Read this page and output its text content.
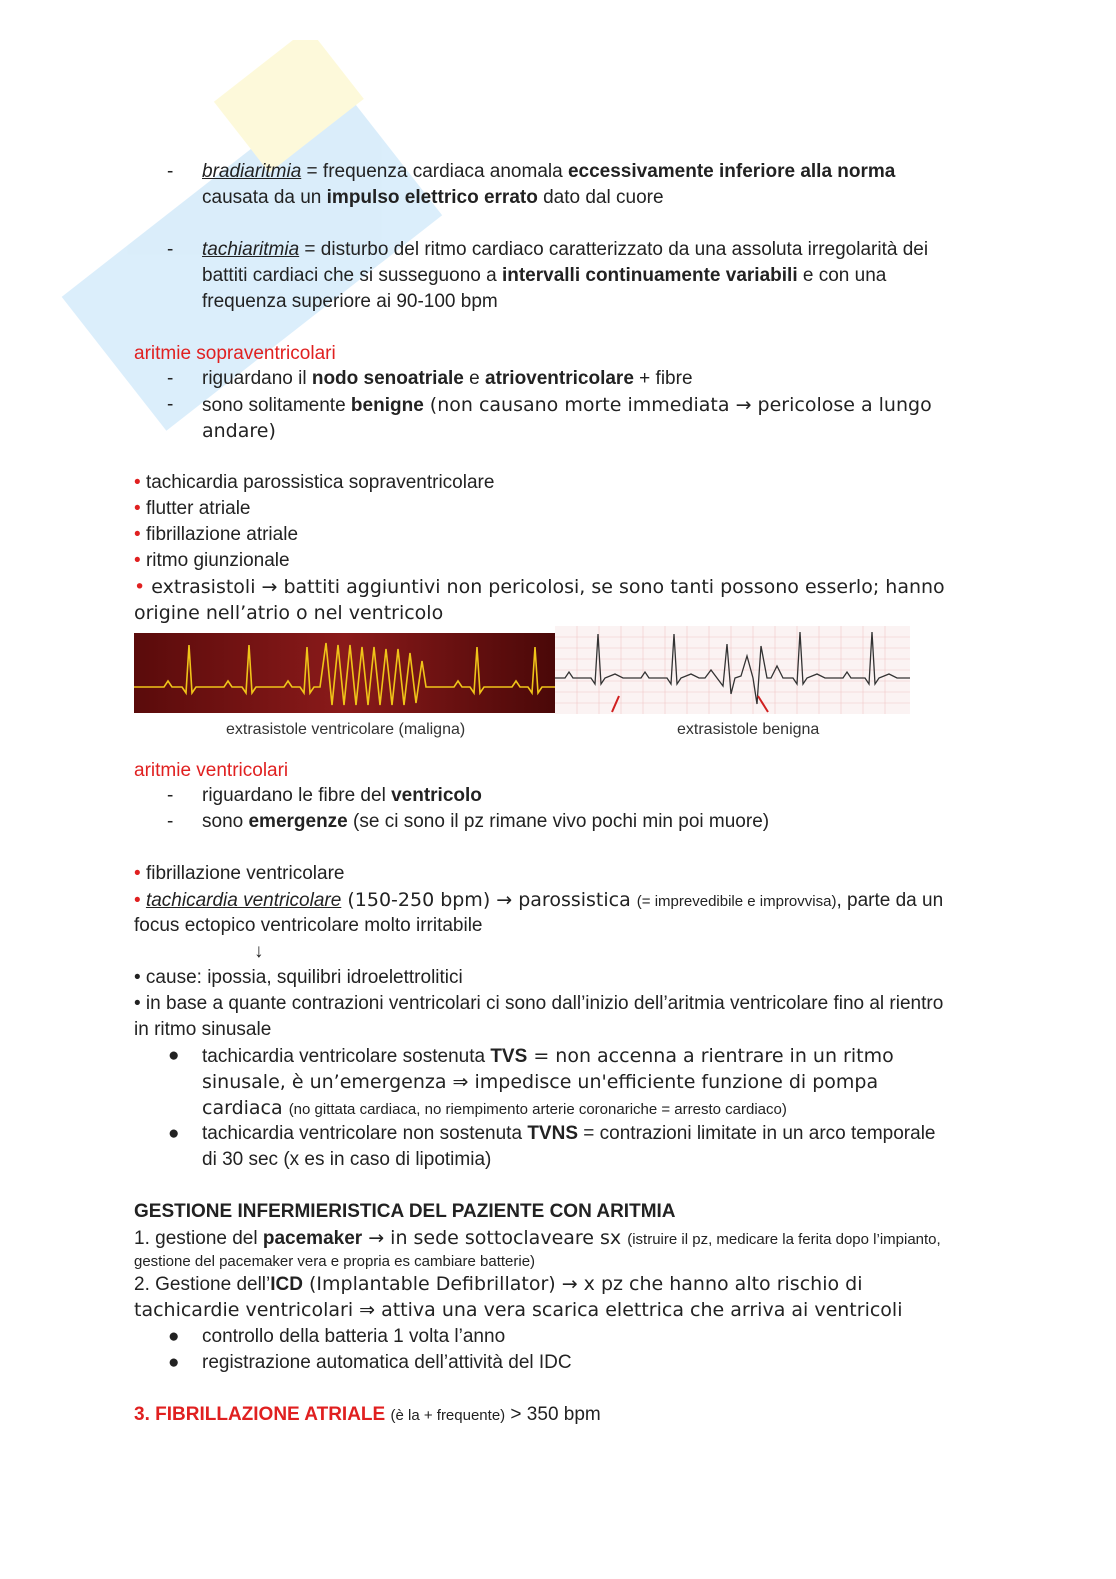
- bradiaritmia = frequenza cardiaca anomala eccessivamente inferiore alla norma
causata da un impulso elettrico errato dato dal cuore
- tachiaritmia = disturbo del ritmo cardiaco caratterizzato da una assoluta irregolarità dei
battiti cardiaci che si susseguono a intervalli continuamente variabili e con una
frequenza superiore ai 90-100 bpm
aritmie sopraventricolari
- riguardano il nodo senoatriale e atrioventricolare + fibre
- sono solitamente benigne (non causano morte immediata → pericolose a lungo
andare)
• tachicardia parossistica sopraventricolare
• flutter atriale
• fibrillazione atriale
• ritmo giunzionale
• extrasistoli → battiti aggiuntivi non pericolosi, se sono tanti possono esserlo; hanno
origine nell’atrio o nel ventricolo
extrasistole ventricolare (maligna)	extrasistole benigna
aritmie ventricolari
- riguardano le fibre del ventricolo
- sono emergenze (se ci sono il pz rimane vivo pochi min poi muore)
• fibrillazione ventricolare
• tachicardia ventricolare (150-250 bpm) → parossistica (= imprevedibile e improvvisa), parte da un
focus ectopico ventricolare molto irritabile
↓
• cause: ipossia, squilibri idroelettrolitici
• in base a quante contrazioni ventricolari ci sono dall’inizio dell’aritmia ventricolare fino al rientro
in ritmo sinusale
● tachicardia ventricolare sostenuta TVS = non accenna a rientrare in un ritmo
sinusale, è un’emergenza ⇒ impedisce un'efficiente funzione di pompa
cardiaca (no gittata cardiaca, no riempimento arterie coronariche = arresto cardiaco)
● tachicardia ventricolare non sostenuta TVNS = contrazioni limitate in un arco temporale
di 30 sec (x es in caso di lipotimia)
GESTIONE INFERMIERISTICA DEL PAZIENTE CON ARITMIA
1. gestione del pacemaker → in sede sottoclaveare sx (istruire il pz, medicare la ferita dopo l’impianto,
gestione del pacemaker vera e propria es cambiare batterie)
2. Gestione dell’ICD (Implantable Defibrillator) → x pz che hanno alto rischio di
tachicardie ventricolari ⇒ attiva una vera scarica elettrica che arriva ai ventricoli
● controllo della batteria 1 volta l’anno
● registrazione automatica dell’attività del IDC
3. FIBRILLAZIONE ATRIALE (è la + frequente) > 350 bpm
